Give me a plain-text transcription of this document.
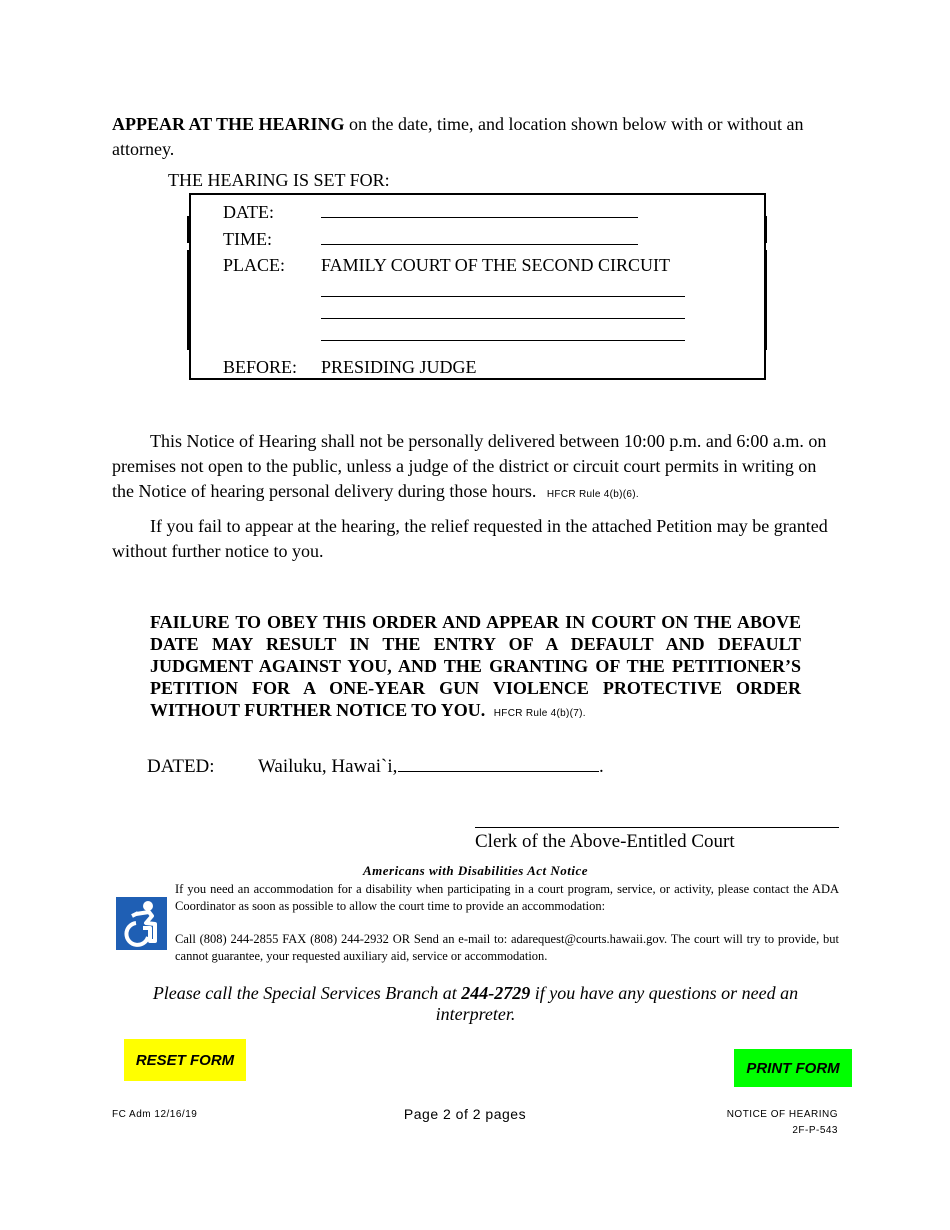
APPEAR AT THE HEARING on the date, time, and location shown below with or without an attorney.
THE HEARING IS SET FOR:
DATE:
TIME:
PLACE: FAMILY COURT OF THE SECOND CIRCUIT
BEFORE: PRESIDING JUDGE
This Notice of Hearing shall not be personally delivered between 10:00 p.m. and 6:00 a.m. on premises not open to the public, unless a judge of the district or circuit court permits in writing on the Notice of hearing personal delivery during those hours. HFCR Rule 4(b)(6).
If you fail to appear at the hearing, the relief requested in the attached Petition may be granted without further notice to you.
FAILURE TO OBEY THIS ORDER AND APPEAR IN COURT ON THE ABOVE DATE MAY RESULT IN THE ENTRY OF A DEFAULT AND DEFAULT JUDGMENT AGAINST YOU, AND THE GRANTING OF THE PETITIONER’S PETITION FOR A ONE-YEAR GUN VIOLENCE PROTECTIVE ORDER WITHOUT FURTHER NOTICE TO YOU. HFCR Rule 4(b)(7).
DATED: Wailuku, Hawai`i,	.
Clerk of the Above-Entitled Court
Americans with Disabilities Act Notice
If you need an accommodation for a disability when participating in a court program, service, or activity, please contact the ADA Coordinator as soon as possible to allow the court time to provide an accommodation:
Call (808) 244-2855 FAX (808) 244-2932 OR Send an e-mail to: adarequest@courts.hawaii.gov. The court will try to provide, but cannot guarantee, your requested auxiliary aid, service or accommodation.
Please call the Special Services Branch at 244-2729 if you have any questions or need an interpreter.
RESET FORM	PRINT FORM
FC Adm 12/16/19	Page 2 of 2 pages	NOTICE OF HEARING
2F-P-543
